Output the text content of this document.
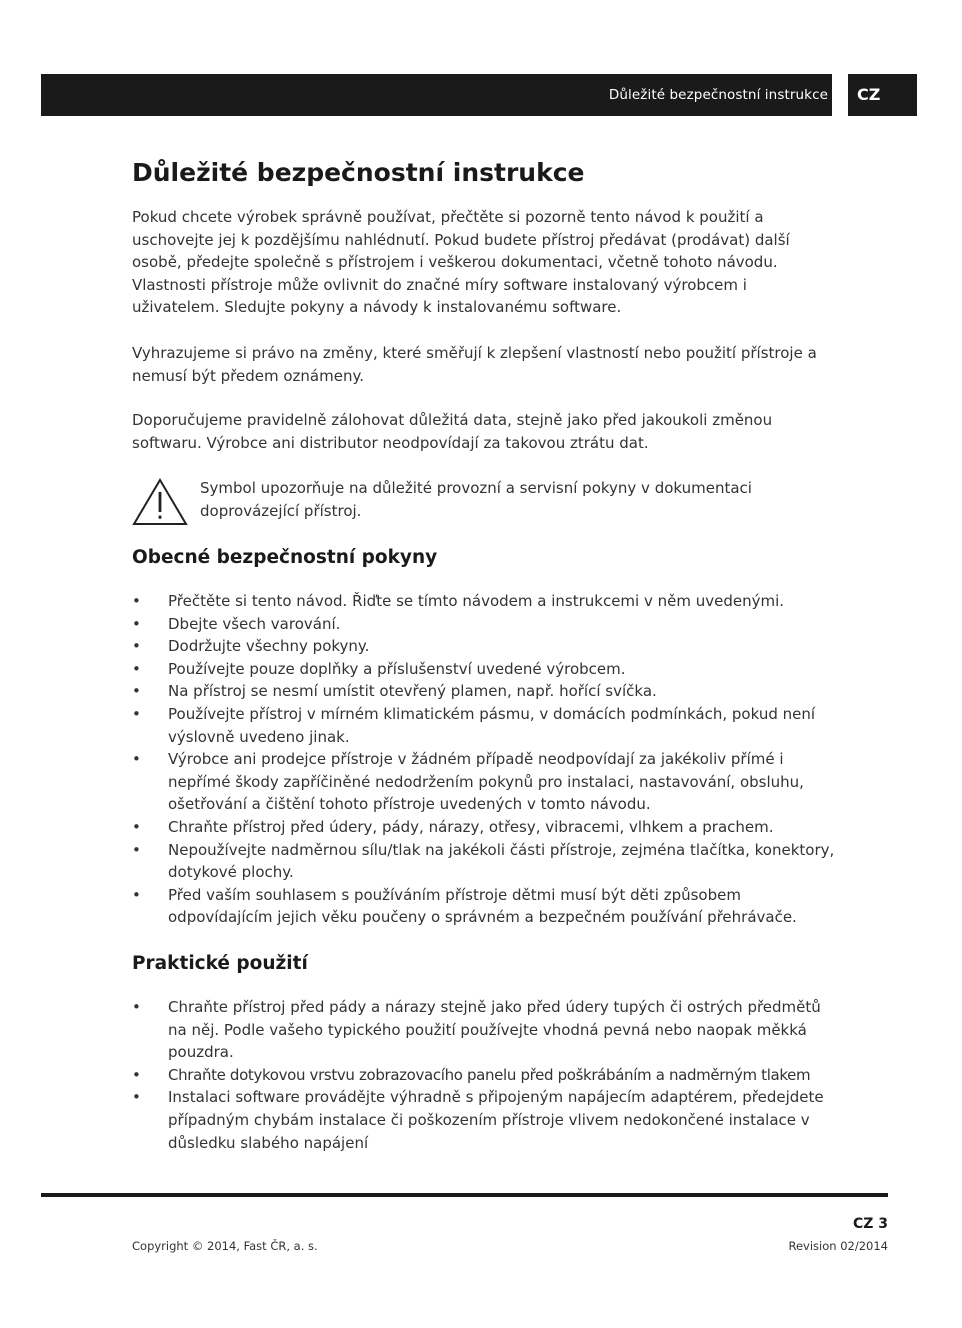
Důležité bezpečnostní instrukce CZ
Důležité bezpečnostní instrukce

Pokud chcete výrobek správně používat, přečtěte si pozorně tento návod k použití a uschovejte jej k pozdějšímu nahlédnutí. Pokud budete přístroj předávat (prodávat) další osobě, předejte společně s přístrojem i veškerou dokumentaci, včetně tohoto návodu. Vlastnosti přístroje může ovlivnit do značné míry software instalovaný výrobcem i uživatelem. Sledujte pokyny a návody k instalovanému software.

Vyhrazujeme si právo na změny, které směřují k zlepšení vlastností nebo použití přístroje a nemusí být předem oznámeny.

Doporučujeme pravidelně zálohovat důležitá data, stejně jako před jakoukoli změnou softwaru. Výrobce ani distributor neodpovídají za takovou ztrátu dat.

Symbol upozorňuje na důležité provozní a servisní pokyny v dokumentaci doprovázející přístroj.

Obecné bezpečnostní pokyny
• Přečtěte si tento návod. Řiďte se tímto návodem a instrukcemi v něm uvedenými.
• Dbejte všech varování.
• Dodržujte všechny pokyny.
• Používejte pouze doplňky a příslušenství uvedené výrobcem.
• Na přístroj se nesmí umístit otevřený plamen, např. hořící svíčka.
• Používejte přístroj v mírném klimatickém pásmu, v domácích podmínkách, pokud není výslovně uvedeno jinak.
• Výrobce ani prodejce přístroje v žádném případě neodpovídají za jakékoliv přímé i nepřímé škody zapříčiněné nedodržením pokynů pro instalaci, nastavování, obsluhu, ošetřování a čištění tohoto přístroje uvedených v tomto návodu.
• Chraňte přístroj před údery, pády, nárazy, otřesy, vibracemi, vlhkem a prachem.
• Nepoužívejte nadměrnou sílu/tlak na jakékoli části přístroje, zejména tlačítka, konektory, dotykové plochy.
• Před vaším souhlasem s používáním přístroje dětmi musí být děti způsobem odpovídajícím jejich věku poučeny o správném a bezpečném používání přehrávače.
Praktické použití
• Chraňte přístroj před pády a nárazy stejně jako před údery tupých či ostrých předmětů na něj. Podle vašeho typického použití používejte vhodná pevná nebo naopak měkká pouzdra.
• Chraňte dotykovou vrstvu zobrazovacího panelu před poškrábáním a nadměrným tlakem
• Instalaci software provádějte výhradně s připojeným napájecím adaptérem, předejdete případným chybám instalace či poškozením přístroje vlivem nedokončené instalace v důsledku slabého napájení
CZ 3
Copyright © 2014, Fast ČR, a. s.	Revision 02/2014
